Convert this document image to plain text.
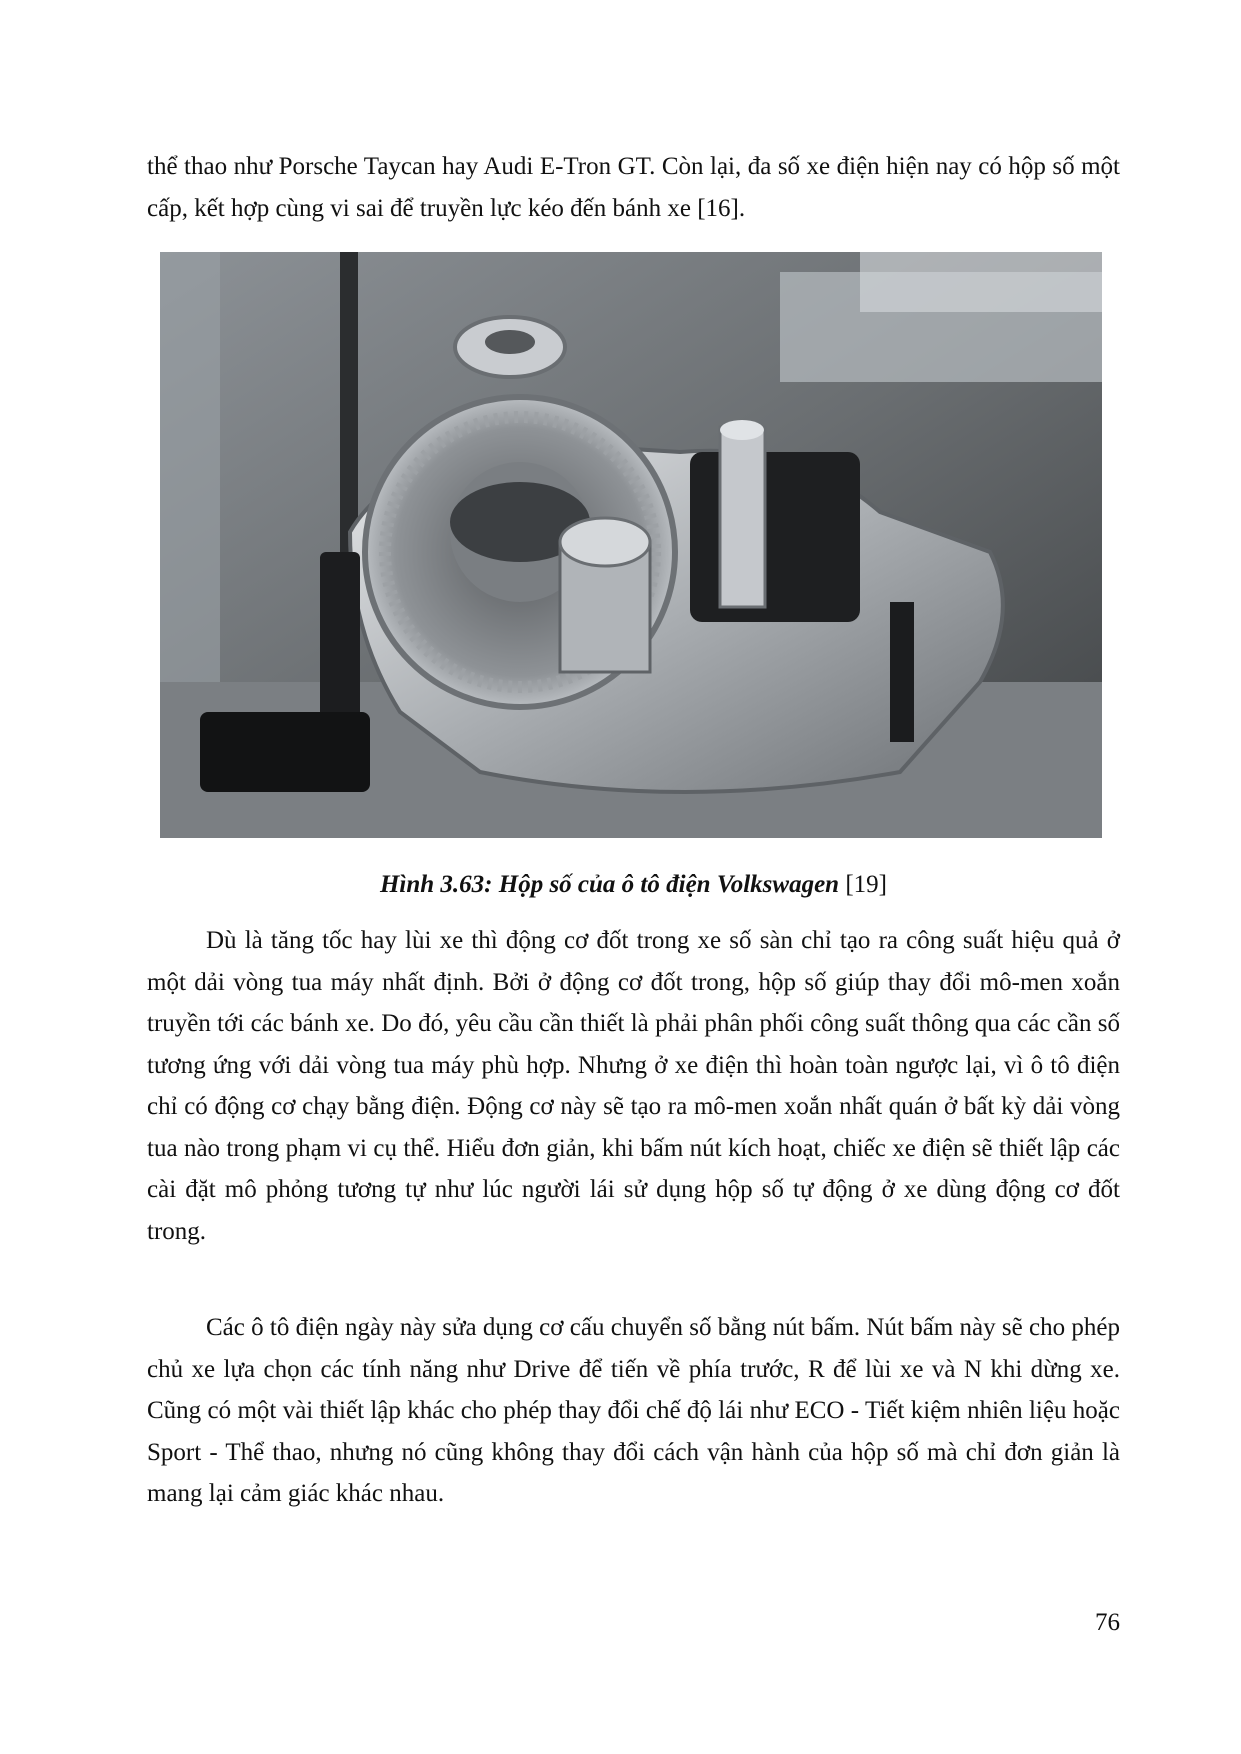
thể thao như Porsche Taycan hay Audi E-Tron GT. Còn lại, đa số xe điện hiện nay có hộp số một cấp, kết hợp cùng vi sai để truyền lực kéo đến bánh xe [16].

Hình 3.63: Hộp số của ô tô điện Volkswagen [19]

Dù là tăng tốc hay lùi xe thì động cơ đốt trong xe số sàn chỉ tạo ra công suất hiệu quả ở một dải vòng tua máy nhất định. Bởi ở động cơ đốt trong, hộp số giúp thay đổi mô-men xoắn truyền tới các bánh xe. Do đó, yêu cầu cần thiết là phải phân phối công suất thông qua các cần số tương ứng với dải vòng tua máy phù hợp. Nhưng ở xe điện thì hoàn toàn ngược lại, vì ô tô điện chỉ có động cơ chạy bằng điện. Động cơ này sẽ tạo ra mô-men xoắn nhất quán ở bất kỳ dải vòng tua nào trong phạm vi cụ thể. Hiểu đơn giản, khi bấm nút kích hoạt, chiếc xe điện sẽ thiết lập các cài đặt mô phỏng tương tự như lúc người lái sử dụng hộp số tự động ở xe dùng động cơ đốt trong.

Các ô tô điện ngày này sửa dụng cơ cấu chuyển số bằng nút bấm. Nút bấm này sẽ cho phép chủ xe lựa chọn các tính năng như Drive để tiến về phía trước, R để lùi xe và N khi dừng xe. Cũng có một vài thiết lập khác cho phép thay đổi chế độ lái như ECO - Tiết kiệm nhiên liệu hoặc Sport - Thể thao, nhưng nó cũng không thay đổi cách vận hành của hộp số mà chỉ đơn giản là mang lại cảm giác khác nhau.

76
